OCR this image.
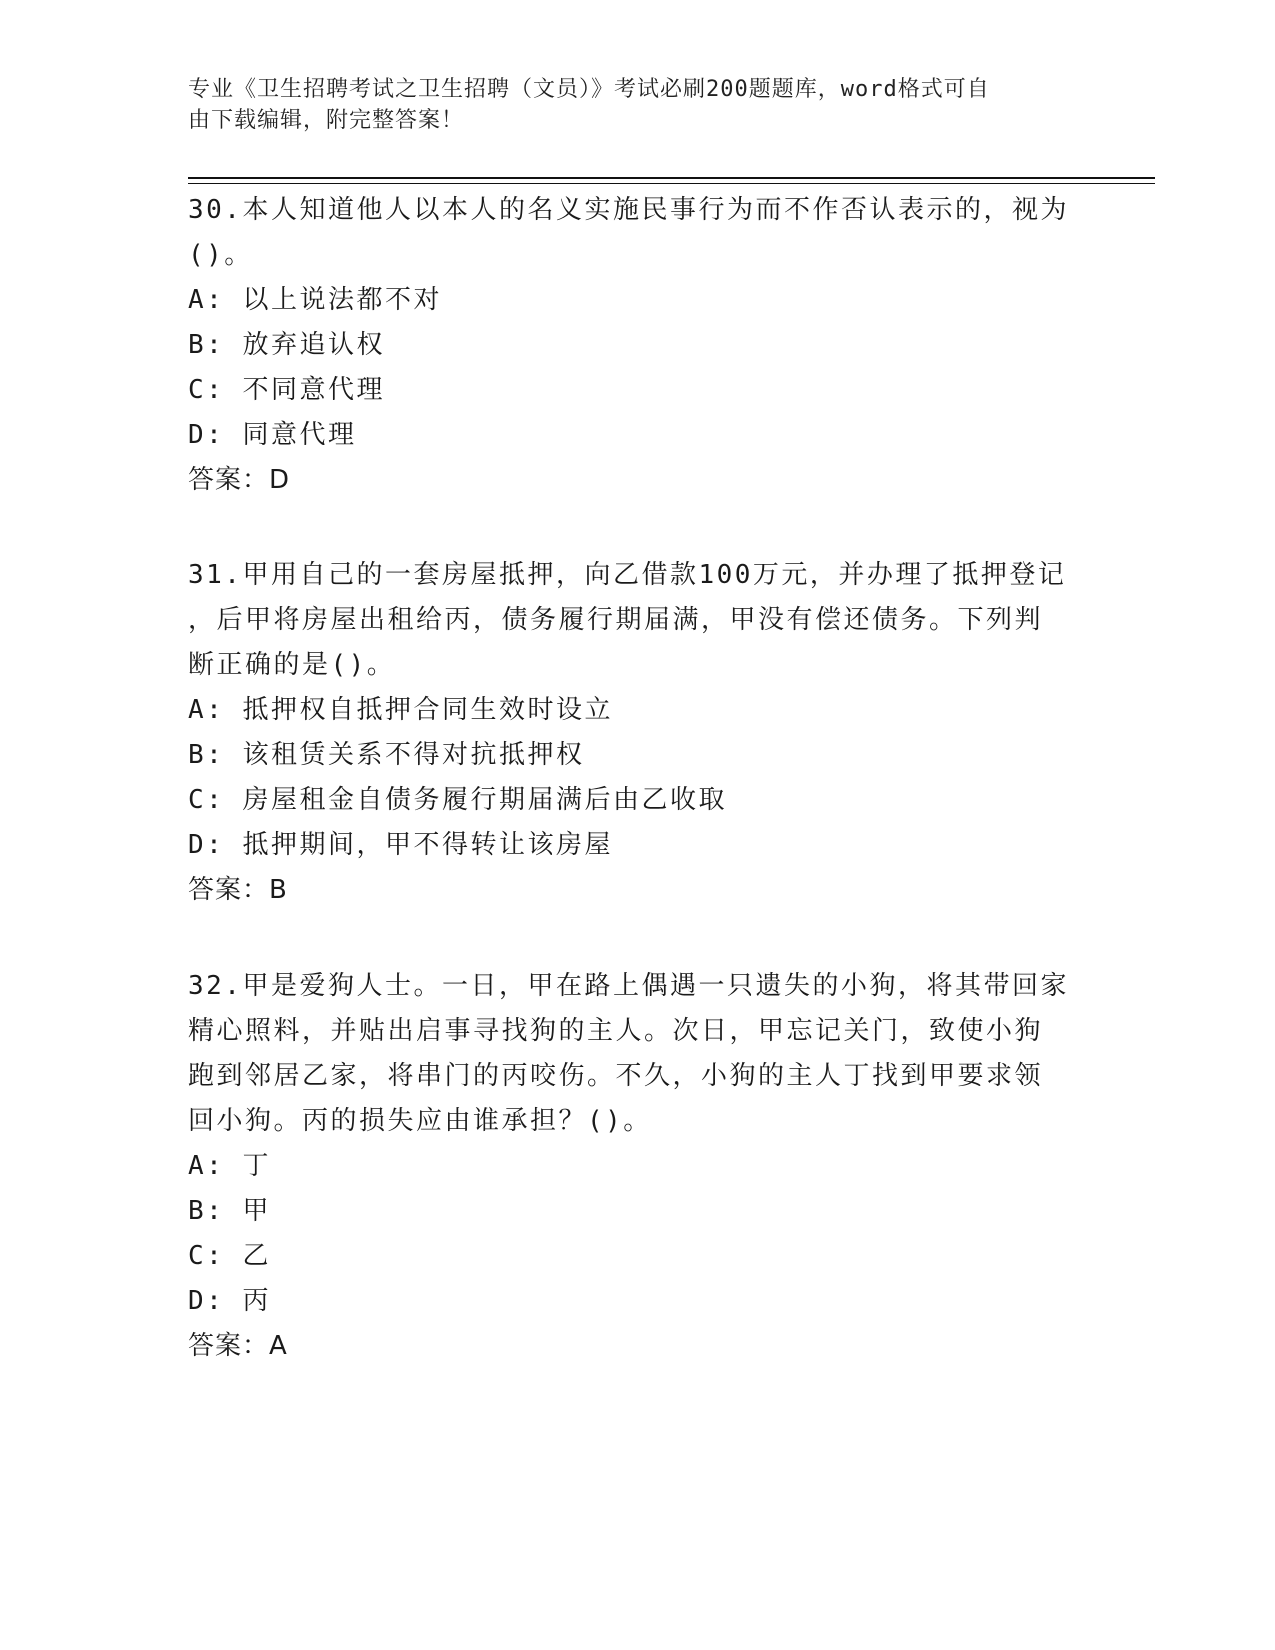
专业《卫生招聘考试之卫生招聘（文员）》考试必刷200题题库，word格式可自
由下载编辑，附完整答案！

30.本人知道他人以本人的名义实施民事行为而不作否认表示的，视为

()。

A: 以上说法都不对

B: 放弃追认权

C: 不同意代理

D: 同意代理

答案：D

31.甲用自己的一套房屋抵押，向乙借款100万元，并办理了抵押登记

，后甲将房屋出租给丙，债务履行期届满，甲没有偿还债务。下列判

断正确的是()。

A: 抵押权自抵押合同生效时设立

B: 该租赁关系不得对抗抵押权

C: 房屋租金自债务履行期届满后由乙收取

D: 抵押期间，甲不得转让该房屋

答案：B

32.甲是爱狗人士。一日，甲在路上偶遇一只遗失的小狗，将其带回家

精心照料，并贴出启事寻找狗的主人。次日，甲忘记关门，致使小狗

跑到邻居乙家，将串门的丙咬伤。不久，小狗的主人丁找到甲要求领

回小狗。丙的损失应由谁承担？()。

A: 丁

B: 甲

C: 乙

D: 丙

答案：A
